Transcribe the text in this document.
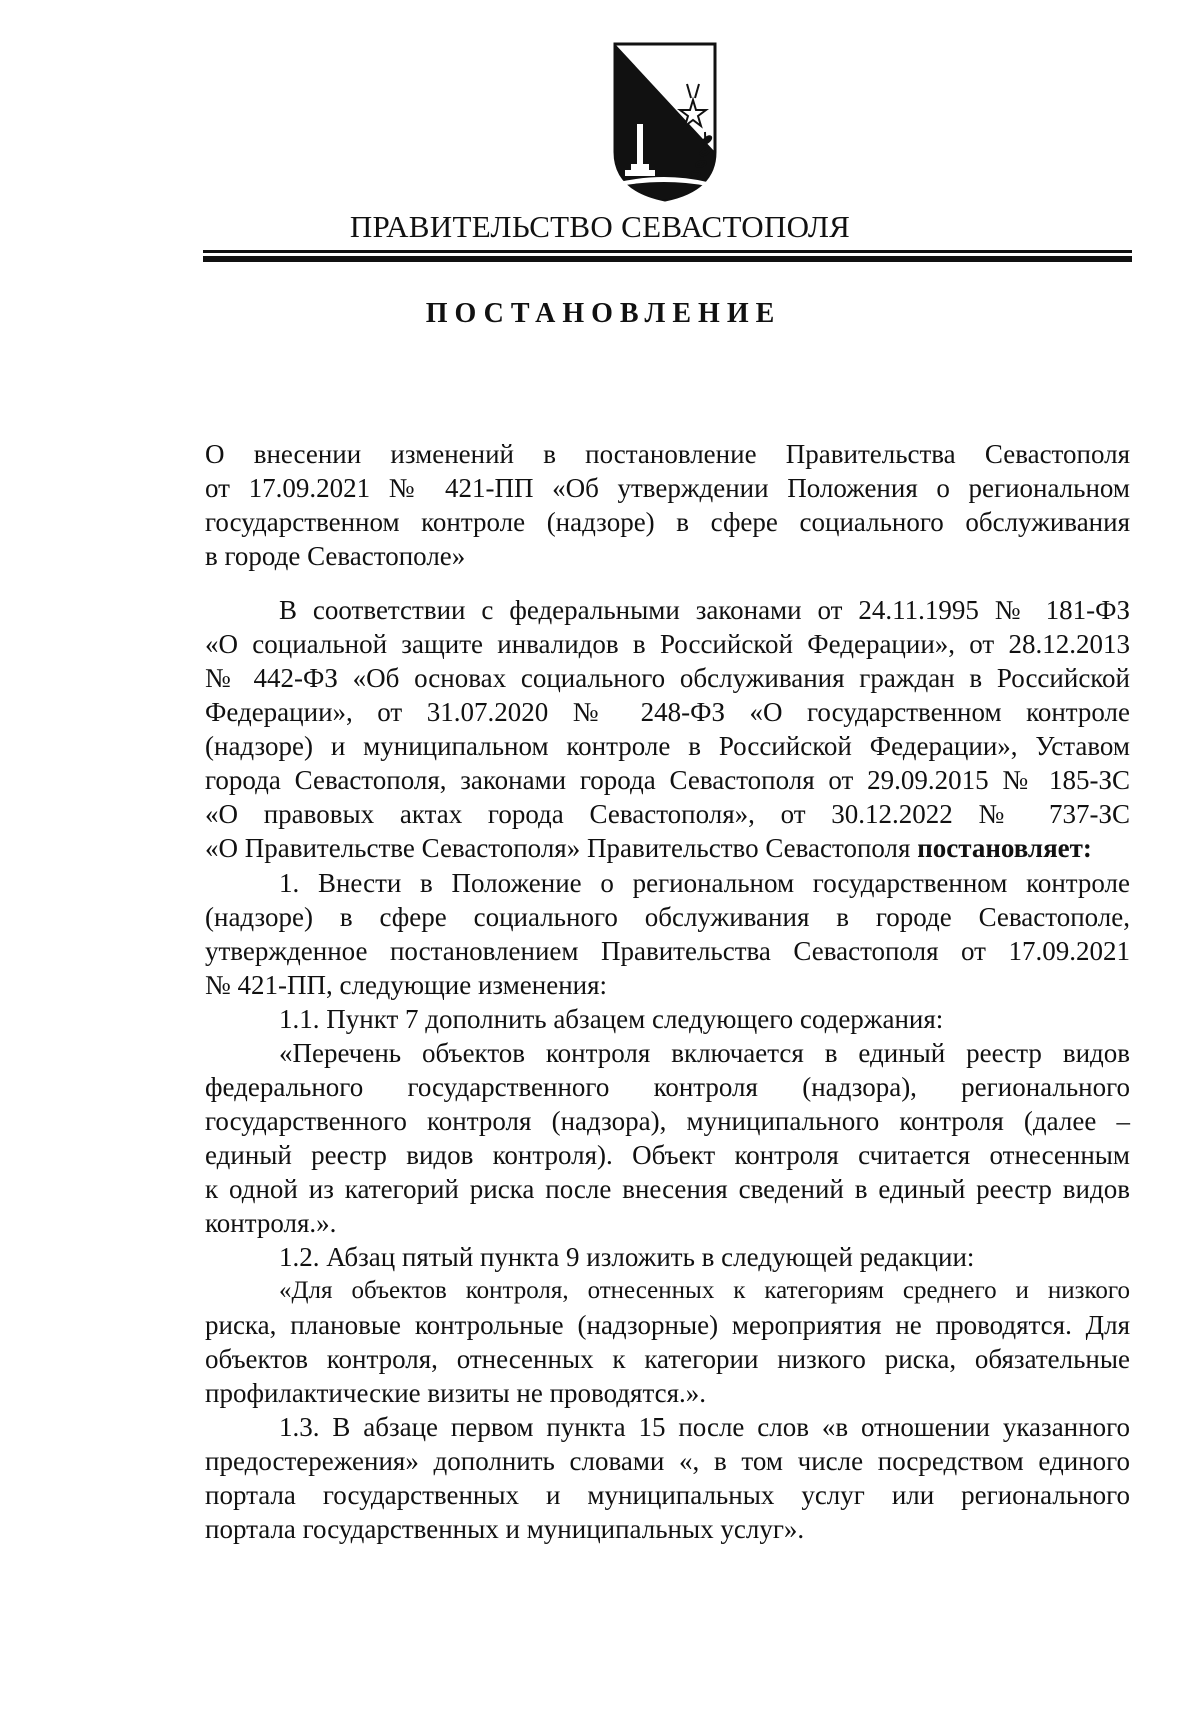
ПРАВИТЕЛЬСТВО СЕВАСТОПОЛЯ
ПОСТАНОВЛЕНИЕ
О внесении изменений в постановление Правительства Севастополя
от 17.09.2021 № 421-ПП «Об утверждении Положения о региональном
государственном контроле (надзоре) в сфере социального обслуживания
в городе Севастополе»
В соответствии с федеральными законами от 24.11.1995 № 181-ФЗ
«О социальной защите инвалидов в Российской Федерации», от 28.12.2013
№ 442-ФЗ «Об основах социального обслуживания граждан в Российской
Федерации», от 31.07.2020 № 248-ФЗ «О государственном контроле
(надзоре) и муниципальном контроле в Российской Федерации», Уставом
города Севастополя, законами города Севастополя от 29.09.2015 № 185-ЗС
«О правовых актах города Севастополя», от 30.12.2022 № 737-ЗС
«О Правительстве Севастополя» Правительство Севастополя постановляет:
1. Внести в Положение о региональном государственном контроле
(надзоре) в сфере социального обслуживания в городе Севастополе,
утвержденное постановлением Правительства Севастополя от 17.09.2021
№ 421-ПП, следующие изменения:
1.1. Пункт 7 дополнить абзацем следующего содержания:
«Перечень объектов контроля включается в единый реестр видов
федерального государственного контроля (надзора), регионального
государственного контроля (надзора), муниципального контроля (далее –
единый реестр видов контроля). Объект контроля считается отнесенным
к одной из категорий риска после внесения сведений в единый реестр видов
контроля.».
1.2. Абзац пятый пункта 9 изложить в следующей редакции:
«Для объектов контроля, отнесенных к категориям среднего и низкого
риска, плановые контрольные (надзорные) мероприятия не проводятся. Для
объектов контроля, отнесенных к категории низкого риска, обязательные
профилактические визиты не проводятся.».
1.3. В абзаце первом пункта 15 после слов «в отношении указанного
предостережения» дополнить словами «, в том числе посредством единого
портала государственных и муниципальных услуг или регионального
портала государственных и муниципальных услуг».
